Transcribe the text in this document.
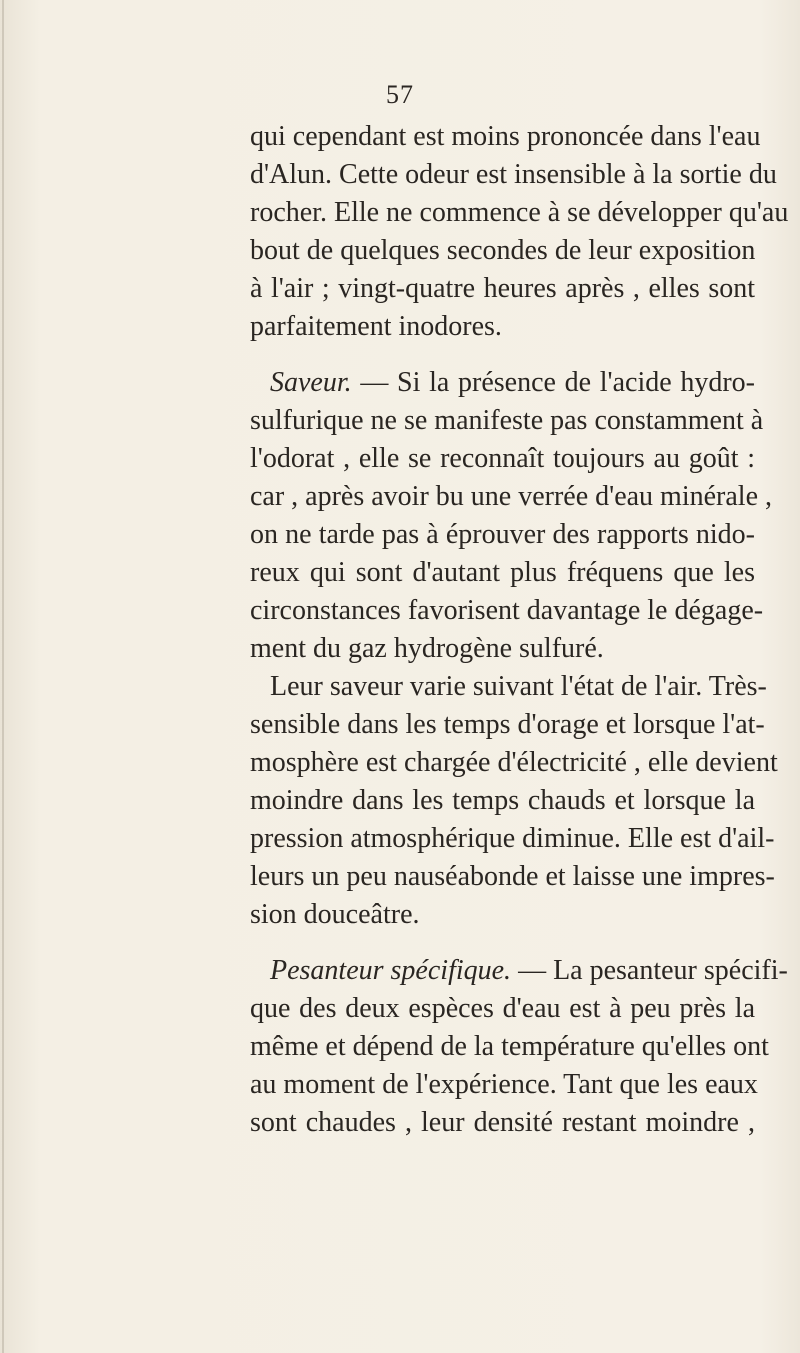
57
qui cependant est moins prononcée dans l'eau
d'Alun. Cette odeur est insensible à la sortie du
rocher. Elle ne commence à se développer qu'au
bout de quelques secondes de leur exposition
à l'air ; vingt-quatre heures après , elles sont
parfaitement inodores.
Saveur. — Si la présence de l'acide hydro-
sulfurique ne se manifeste pas constamment à
l'odorat , elle se reconnaît toujours au goût :
car , après avoir bu une verrée d'eau minérale ,
on ne tarde pas à éprouver des rapports nido-
reux qui sont d'autant plus fréquens que les
circonstances favorisent davantage le dégage-
ment du gaz hydrogène sulfuré.
Leur saveur varie suivant l'état de l'air. Très-
sensible dans les temps d'orage et lorsque l'at-
mosphère est chargée d'électricité , elle devient
moindre dans les temps chauds et lorsque la
pression atmosphérique diminue. Elle est d'ail-
leurs un peu nauséabonde et laisse une impres-
sion douceâtre.
Pesanteur spécifique. — La pesanteur spécifi-
que des deux espèces d'eau est à peu près la
même et dépend de la température qu'elles ont
au moment de l'expérience. Tant que les eaux
sont chaudes , leur densité restant moindre ,
